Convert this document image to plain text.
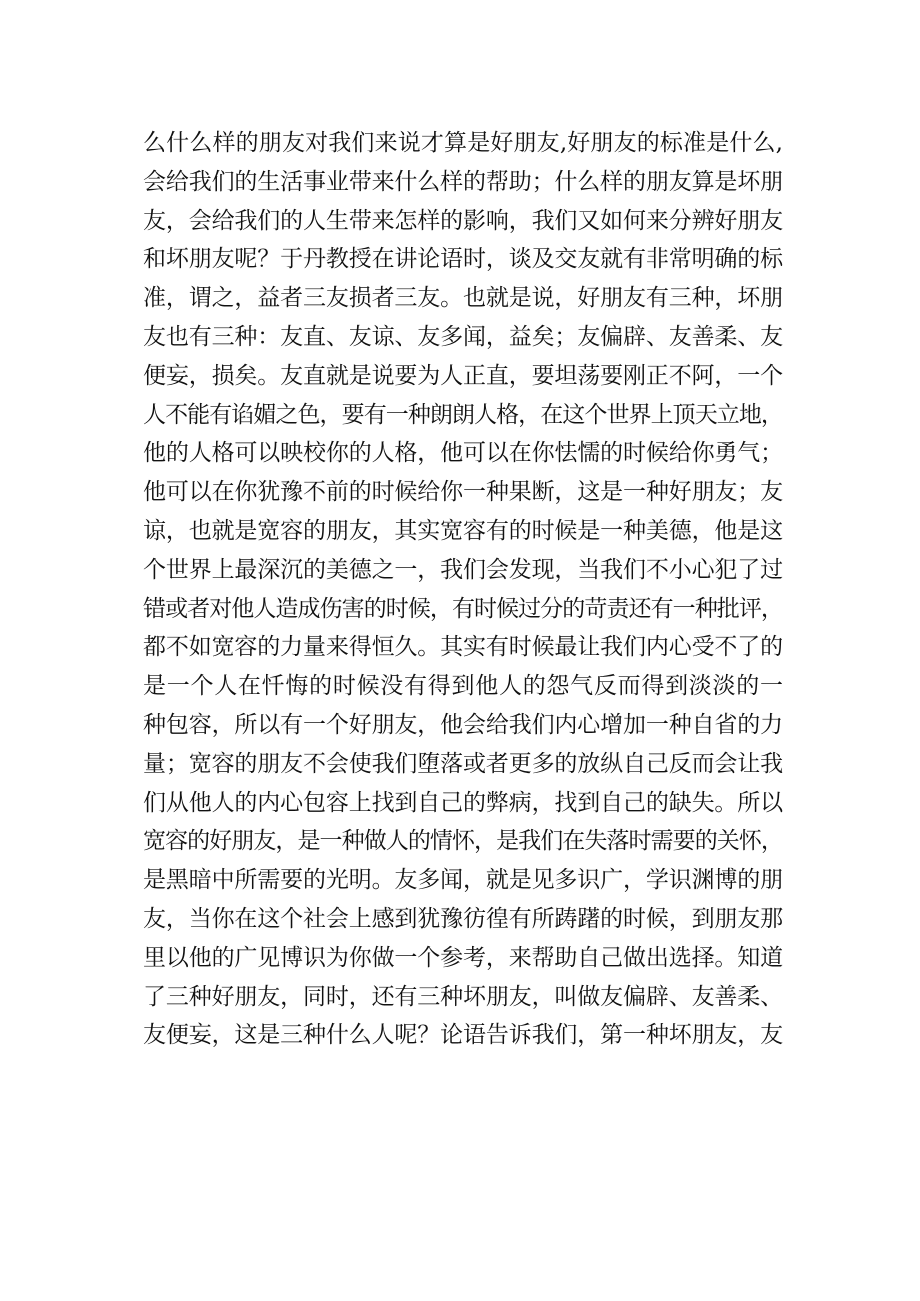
么什么样的朋友对我们来说才算是好朋友,好朋友的标准是什么,
会给我们的生活事业带来什么样的帮助；什么样的朋友算是坏朋
友，会给我们的人生带来怎样的影响，我们又如何来分辨好朋友
和坏朋友呢？于丹教授在讲论语时，谈及交友就有非常明确的标
准，谓之，益者三友损者三友。也就是说，好朋友有三种，坏朋
友也有三种：友直、友谅、友多闻，益矣；友偏辟、友善柔、友
便妄，损矣。友直就是说要为人正直，要坦荡要刚正不阿，一个
人不能有谄媚之色，要有一种朗朗人格，在这个世界上顶天立地，
他的人格可以映校你的人格，他可以在你怯懦的时候给你勇气；
他可以在你犹豫不前的时候给你一种果断，这是一种好朋友；友
谅，也就是宽容的朋友，其实宽容有的时候是一种美德，他是这
个世界上最深沉的美德之一，我们会发现，当我们不小心犯了过
错或者对他人造成伤害的时候，有时候过分的苛责还有一种批评，
都不如宽容的力量来得恒久。其实有时候最让我们内心受不了的
是一个人在忏悔的时候没有得到他人的怨气反而得到淡淡的一
种包容，所以有一个好朋友，他会给我们内心增加一种自省的力
量；宽容的朋友不会使我们堕落或者更多的放纵自己反而会让我
们从他人的内心包容上找到自己的弊病，找到自己的缺失。所以
宽容的好朋友，是一种做人的情怀，是我们在失落时需要的关怀，
是黑暗中所需要的光明。友多闻，就是见多识广，学识渊博的朋
友，当你在这个社会上感到犹豫彷徨有所踌躇的时候，到朋友那
里以他的广见博识为你做一个参考，来帮助自己做出选择。知道
了三种好朋友，同时，还有三种坏朋友，叫做友偏辟、友善柔、
友便妄，这是三种什么人呢？论语告诉我们，第一种坏朋友，友
